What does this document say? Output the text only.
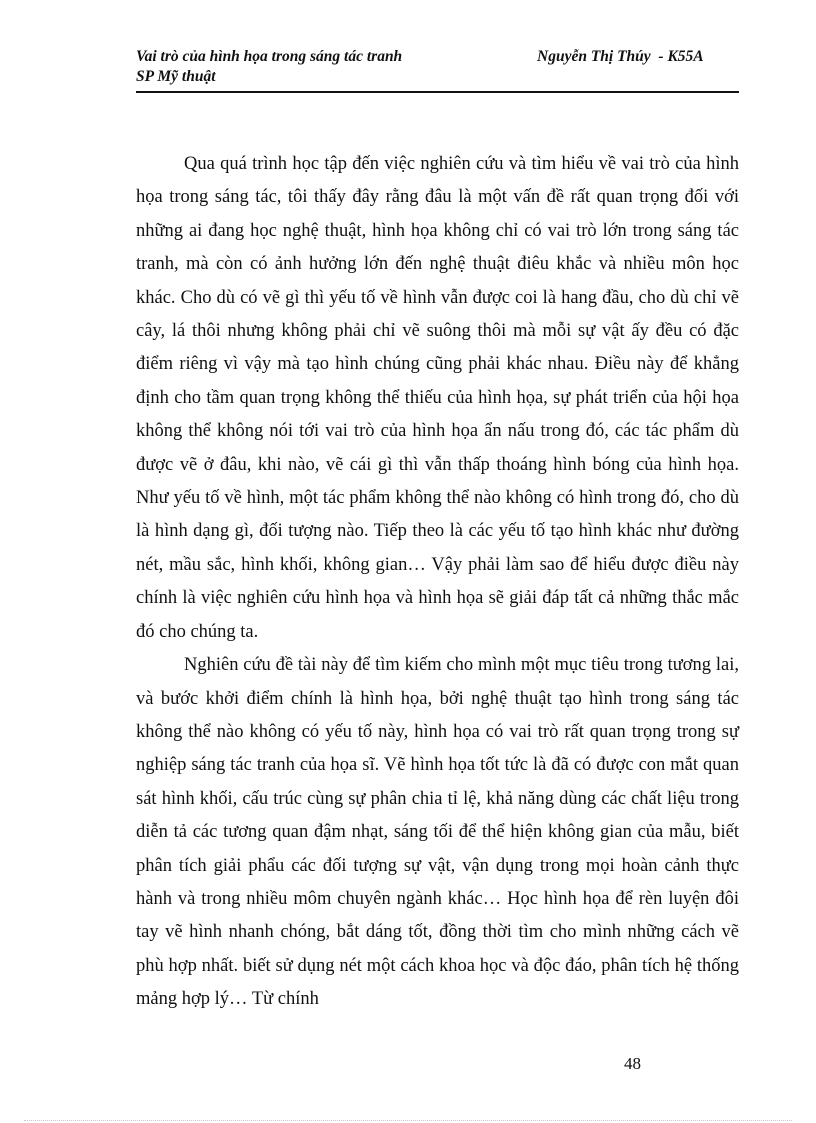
Vai trò của hình họa trong sáng tác tranh
SP Mỹ thuật
Nguyễn Thị Thúy  - K55A

Qua quá trình học tập đến việc nghiên cứu và tìm hiểu về vai trò của hình họa trong sáng tác, tôi thấy đây rằng đâu là một vấn đề rất quan trọng đối với những ai đang học nghệ thuật, hình họa không chỉ có vai trò lớn trong sáng tác tranh, mà còn có ảnh hưởng lớn đến nghệ thuật điêu khắc và nhiều môn học khác. Cho dù có vẽ gì thì yếu tố về hình vẫn được coi là hang đầu, cho dù chỉ vẽ cây, lá thôi nhưng không phải chỉ vẽ suông thôi mà mỗi sự vật ấy đều có đặc điểm riêng vì vậy mà tạo hình chúng cũng phải khác nhau. Điều này để khẳng định cho tầm quan trọng không thể thiếu của hình họa, sự phát triển của hội họa không thể không nói tới vai trò của hình họa ẩn nấu trong đó, các tác phẩm dù được vẽ ở đâu, khi nào, vẽ cái gì thì vẫn thấp thoáng hình bóng của hình họa. Như yếu tố về hình, một tác phẩm không thể nào không có hình trong đó, cho dù là hình dạng gì, đối tượng nào. Tiếp theo là các yếu tố tạo hình khác như đường nét, mầu sắc, hình khối, không gian… Vậy phải làm sao để hiểu được điều này chính là việc nghiên cứu hình họa và hình họa sẽ giải đáp tất cả những thắc mắc đó cho chúng ta.

Nghiên cứu đề tài này để tìm kiếm cho mình một mục tiêu trong tương lai, và bước khởi điểm chính là hình họa, bởi nghệ thuật tạo hình trong sáng tác không thể nào không có yếu tố này, hình họa có vai trò rất quan trọng trong sự nghiệp sáng tác tranh của họa sĩ. Vẽ hình họa tốt tức là đã có được con mắt quan sát hình khối, cấu trúc cùng sự phân chia tỉ lệ, khả năng dùng các chất liệu trong diễn tả các tương quan đậm nhạt, sáng tối để thể hiện không gian của mẫu, biết phân tích giải phẩu các đối tượng sự vật, vận dụng trong mọi hoàn cảnh thực hành và trong nhiều môm chuyên ngành khác… Học hình họa để rèn luyện đôi tay vẽ hình nhanh chóng, bắt dáng tốt, đồng thời tìm cho mình những cách vẽ phù hợp nhất. biết sử dụng nét một cách khoa học và độc đáo, phân tích hệ thống mảng hợp lý… Từ chính

48
